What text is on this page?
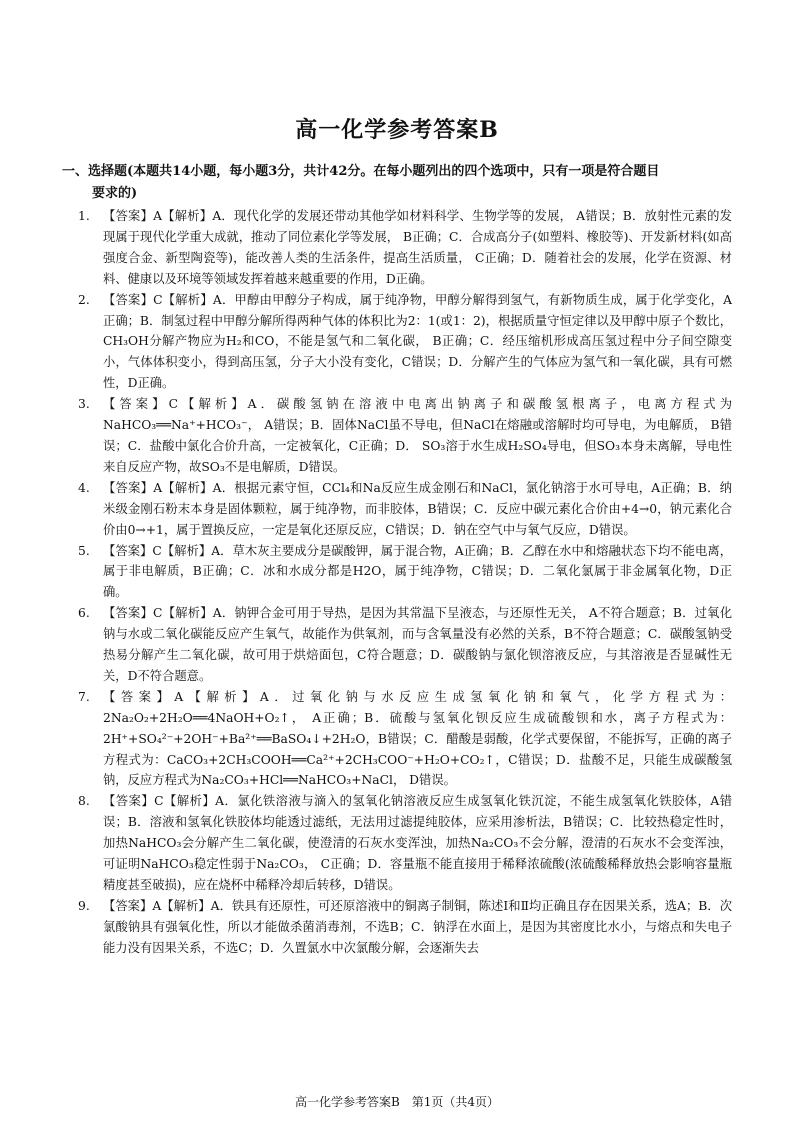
高一化学参考答案B
一、选择题(本题共14小题，每小题3分，共计42分。在每小题列出的四个选项中，只有一项是符合题目
要求的)
1. 【答案】A【解析】A．现代化学的发展还带动其他学如材料科学、生物学等的发展， A错误；B．放射性元素的发现属于现代化学重大成就，推动了同位素化学等发展， B正确；C．合成高分子(如塑料、橡胶等)、开发新材料(如高强度合金、新型陶瓷等)，能改善人类的生活条件，提高生活质量， C正确；D．随着社会的发展，化学在资源、材料、健康以及环境等领域发挥着越来越重要的作用，D正确。

2. 【答案】C【解析】A．甲醇由甲醇分子构成，属于纯净物，甲醇分解得到氢气，有新物质生成，属于化学变化，A正确；B．制氢过程中甲醇分解所得两种气体的体积比为2：1(或1：2)，根据质量守恒定律以及甲醇中原子个数比，CH₃OH分解产物应为H₂和CO，不能是氢气和二氧化碳， B正确；C．经压缩机形成高压氢过程中分子间空隙变小，气体体积变小，得到高压氢，分子大小没有变化，C错误；D．分解产生的气体应为氢气和一氧化碳，具有可燃性，D正确。

3. 【答案】C【解析】A．碳酸氢钠在溶液中电离出钠离子和碳酸氢根离子，电离方程式为NaHCO₃══Na⁺+HCO₃⁻， A错误；B．固体NaCl虽不导电，但NaCl在熔融或溶解时均可导电，为电解质， B错误；C．盐酸中氯化合价升高，一定被氧化，C正确；D． SO₃溶于水生成H₂SO₄导电，但SO₃本身未离解，导电性来自反应产物，故SO₃不是电解质，D错误。

4. 【答案】A【解析】A．根据元素守恒，CCl₄和Na反应生成金刚石和NaCl，氯化钠溶于水可导电，A正确；B．纳米级金刚石粉末本身是固体颗粒，属于纯净物，而非胶体，B错误；C．反应中碳元素化合价由+4→0，钠元素化合价由0→+1，属于置换反应，一定是氧化还原反应，C错误；D．钠在空气中与氧气反应，D错误。

5. 【答案】C【解析】A．草木灰主要成分是碳酸钾，属于混合物，A正确；B．乙醇在水中和熔融状态下均不能电离，属于非电解质，B正确；C．冰和水成分都是H2O，属于纯净物，C错误；D．二氧化氯属于非金属氧化物，D正确。

6. 【答案】C【解析】A．钠钾合金可用于导热，是因为其常温下呈液态，与还原性无关， A不符合题意；B．过氧化钠与水或二氧化碳能反应产生氧气，故能作为供氧剂，而与含氧量没有必然的关系，B不符合题意；C．碳酸氢钠受热易分解产生二氧化碳，故可用于烘焙面包，C符合题意；D．碳酸钠与氯化钡溶液反应，与其溶液是否显碱性无关，D不符合题意。

7. 【答案】A【解析】A．过氧化钠与水反应生成氢氧化钠和氧气，化学方程式为：2Na₂O₂+2H₂O══4NaOH+O₂↑， A正确；B．硫酸与氢氧化钡反应生成硫酸钡和水，离子方程式为：2H⁺+SO₄²⁻+2OH⁻+Ba²⁺══BaSO₄↓+2H₂O，B错误；C．醋酸是弱酸，化学式要保留，不能拆写，正确的离子方程式为：CaCO₃+2CH₃COOH══Ca²⁺+2CH₃COO⁻+H₂O+CO₂↑，C错误；D．盐酸不足，只能生成碳酸氢钠，反应方程式为Na₂CO₃+HCl══NaHCO₃+NaCl， D错误。

8. 【答案】C【解析】A．氯化铁溶液与滴入的氢氧化钠溶液反应生成氢氧化铁沉淀，不能生成氢氧化铁胶体，A错误；B．溶液和氢氧化铁胶体均能透过滤纸，无法用过滤提纯胶体，应采用渗析法，B错误；C．比较热稳定性时，加热NaHCO₃会分解产生二氧化碳，使澄清的石灰水变浑浊，加热Na₂CO₃不会分解，澄清的石灰水不会变浑浊，可证明NaHCO₃稳定性弱于Na₂CO₃， C正确；D．容量瓶不能直接用于稀释浓硫酸(浓硫酸稀释放热会影响容量瓶精度甚至破损)，应在烧杯中稀释冷却后转移，D错误。

9. 【答案】A【解析】A．铁具有还原性，可还原溶液中的铜离子制铜，陈述Ⅰ和Ⅱ均正确且存在因果关系，选A；B．次氯酸钠具有强氧化性，所以才能做杀菌消毒剂，不选B；C．钠浮在水面上，是因为其密度比水小，与熔点和失电子能力没有因果关系，不选C；D．久置氯水中次氯酸分解，会逐渐失去

高一化学参考答案B　第1页（共4页）
